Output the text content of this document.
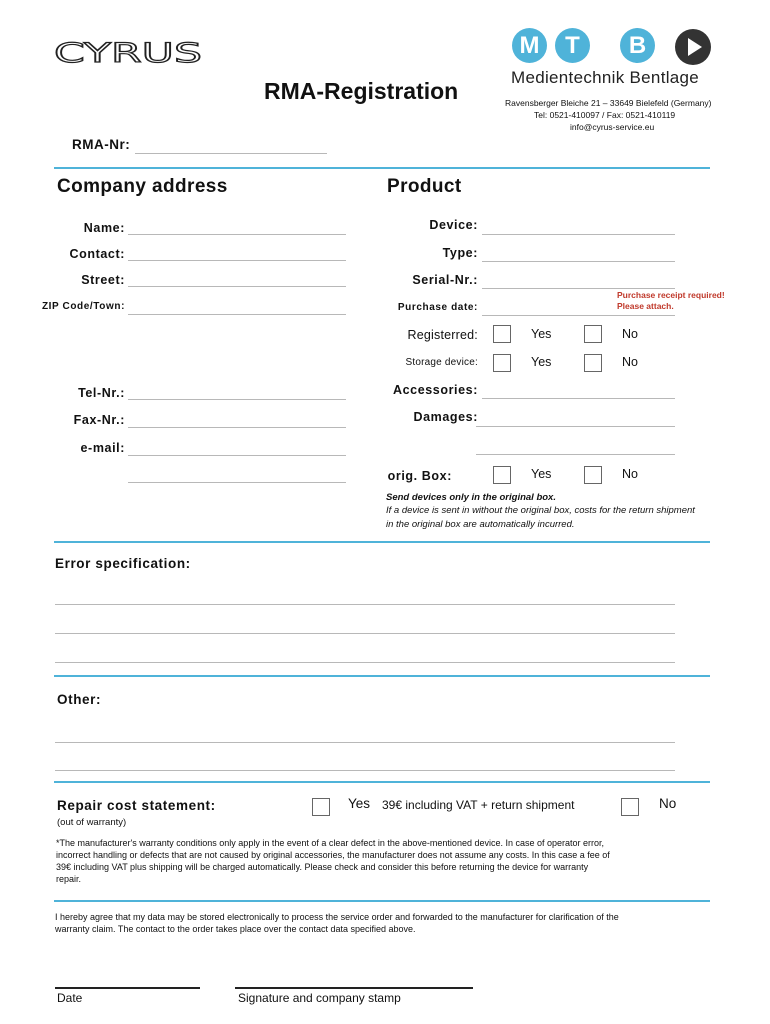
CYRUS
RMA-Registration
M	T	B
Medientechnik Bentlage
Ravensberger Bleiche 21 – 33649 Bielefeld (Germany)
Tel: 0521-410097 / Fax: 0521-410119
info@cyrus-service.eu
RMA-Nr:
Company address
Name:
Contact:
Street:
ZIP Code/Town:
Tel-Nr.:
Fax-Nr.:
e-mail:
Product
Device:
Type:
Serial-Nr.:
Purchase date:
Purchase receipt required!
Please attach.
Registerred:	Yes	No
Storage device:	Yes	No
Accessories:
Damages:
orig. Box:	Yes	No
Send devices only in the original box.
If a device is sent in without the original box, costs for the return shipment
in the original box are automatically incurred.
Error specification:
Other:
Repair cost statement:
(out of warranty)
Yes 39€ including VAT + return shipment	No
*The manufacturer's warranty conditions only apply in the event of a clear defect in the above-mentioned device. In case of operator error,
incorrect handling or defects that are not caused by original accessories, the manufacturer does not assume any costs. In this case a fee of
39€ including VAT plus shipping will be charged automatically. Please check and consider this before returning the device for warranty
repair.
I hereby agree that my data may be stored electronically to process the service order and forwarded to the manufacturer for clarification of the
warranty claim. The contact to the order takes place over the contact data specified above.
Date	Signature and company stamp
